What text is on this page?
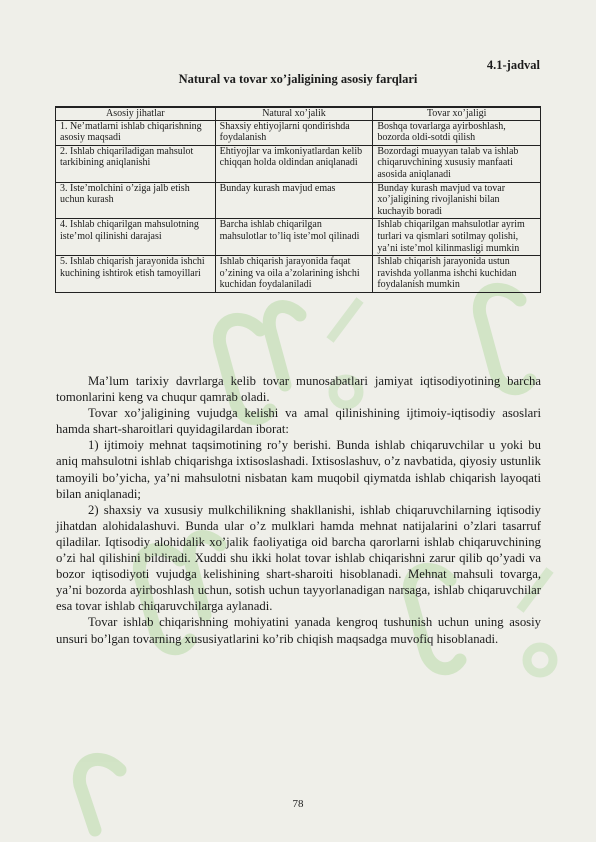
4.1-jadval
Natural va tovar xo’jaligining asosiy farqlari
Asosiy jihatlar	Natural xo’jalik	Tovar xo’jaligi
1. Ne’matlarni ishlab chiqarishning asosiy maqsadi	Shaxsiy ehtiyojlarni qondirishda foydalanish	Boshqa tovarlarga ayirboshlash, bozorda oldi-sotdi qilish
2. Ishlab chiqariladigan mahsulot tarkibining aniqlanishi	Ehtiyojlar va imkoniyatlardan kelib chiqqan holda oldindan aniqlanadi	Bozordagi muayyan talab va ishlab chiqaruvchining xususiy manfaati asosida aniqlanadi
3. Iste’molchini o’ziga jalb etish uchun kurash	Bunday kurash mavjud emas	Bunday kurash mavjud va tovar xo’jaligining rivojlanishi bilan kuchayib boradi
4. Ishlab chiqarilgan mahsulotning iste’mol qilinishi darajasi	Barcha ishlab chiqarilgan mahsulotlar to’liq iste’mol qilinadi	Ishlab chiqarilgan mahsulotlar ayrim turlari va qismlari sotilmay qolishi, ya’ni iste’mol kilinmasligi mumkin
5. Ishlab chiqarish jarayonida ishchi kuchining ishtirok etish tamoyillari	Ishlab chiqarish jarayonida faqat o’zining va oila a’zolarining ishchi kuchidan foydalaniladi	Ishlab chiqarish jarayonida ustun ravishda yollanma ishchi kuchidan foydalanish mumkin

Ma’lum tarixiy davrlarga kelib tovar munosabatlari jamiyat iqtisodiyotining barcha tomonlarini keng va chuqur qamrab oladi.

Tovar xo’jaligining vujudga kelishi va amal qilinishining ijtimoiy-iqtisodiy asoslari hamda shart-sharoitlari quyidagilardan iborat:

1) ijtimoiy mehnat taqsimotining ro’y berishi. Bunda ishlab chiqaruvchilar u yoki bu aniq mahsulotni ishlab chiqarishga ixtisoslashadi. Ixtisoslashuv, o’z navbatida, qiyosiy ustunlik tamoyili bo’yicha, ya’ni mahsulotni nisbatan kam muqobil qiymatda ishlab chiqarish layoqati bilan aniqlanadi;

2) shaxsiy va xususiy mulkchilikning shakllanishi, ishlab chiqaruvchilarning iqtisodiy jihatdan alohidalashuvi. Bunda ular o’z mulklari hamda mehnat natijalarini o’zlari tasarruf qiladilar. Iqtisodiy alohidalik xo’jalik faoliyatiga oid barcha qarorlarni ishlab chiqaruvchining o’zi hal qilishini bildiradi. Xuddi shu ikki holat tovar ishlab chiqarishni zarur qilib qo’yadi va bozor iqtisodiyoti vujudga kelishining shart-sharoiti hisoblanadi. Mehnat mahsuli tovarga, ya’ni bozorda ayirboshlash uchun, sotish uchun tayyorlanadigan narsaga, ishlab chiqaruvchilar esa tovar ishlab chiqaruvchilarga aylanadi.

Tovar ishlab chiqarishning mohiyatini yanada kengroq tushunish uchun uning asosiy unsuri bo’lgan tovarning xususiyatlarini ko’rib chiqish maqsadga muvofiq hisoblanadi.

78
